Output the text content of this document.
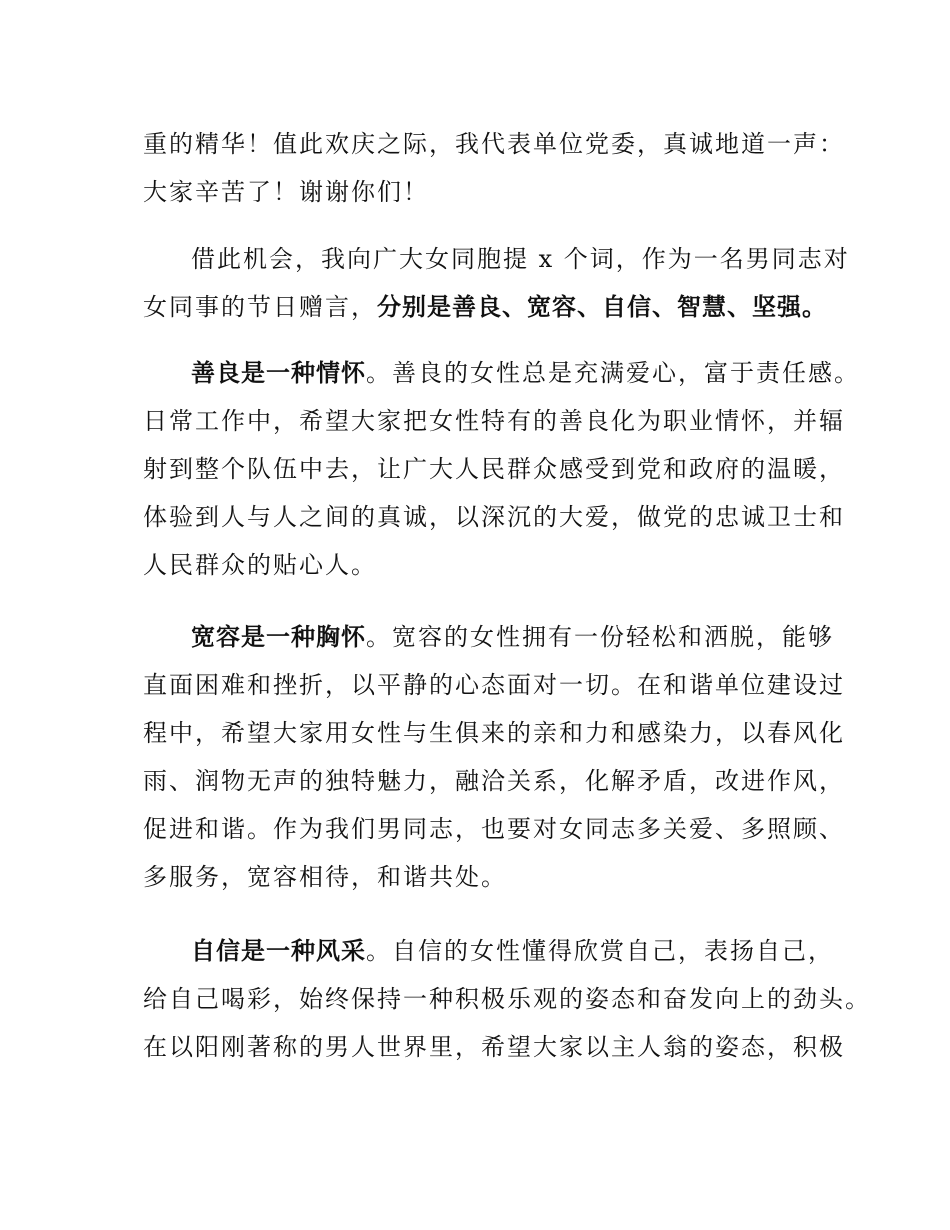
重的精华！值此欢庆之际，我代表单位党委，真诚地道一声：
大家辛苦了！谢谢你们！
借此机会，我向广大女同胞提 x 个词，作为一名男同志对
女同事的节日赠言，分别是善良、宽容、自信、智慧、坚强。
善良是一种情怀。善良的女性总是充满爱心，富于责任感。
日常工作中，希望大家把女性特有的善良化为职业情怀，并辐
射到整个队伍中去，让广大人民群众感受到党和政府的温暖，
体验到人与人之间的真诚，以深沉的大爱，做党的忠诚卫士和
人民群众的贴心人。
宽容是一种胸怀。宽容的女性拥有一份轻松和洒脱，能够
直面困难和挫折，以平静的心态面对一切。在和谐单位建设过
程中，希望大家用女性与生俱来的亲和力和感染力，以春风化
雨、润物无声的独特魅力，融洽关系，化解矛盾，改进作风，
促进和谐。作为我们男同志，也要对女同志多关爱、多照顾、
多服务，宽容相待，和谐共处。
自信是一种风采。自信的女性懂得欣赏自己，表扬自己，
给自己喝彩，始终保持一种积极乐观的姿态和奋发向上的劲头。
在以阳刚著称的男人世界里，希望大家以主人翁的姿态，积极
